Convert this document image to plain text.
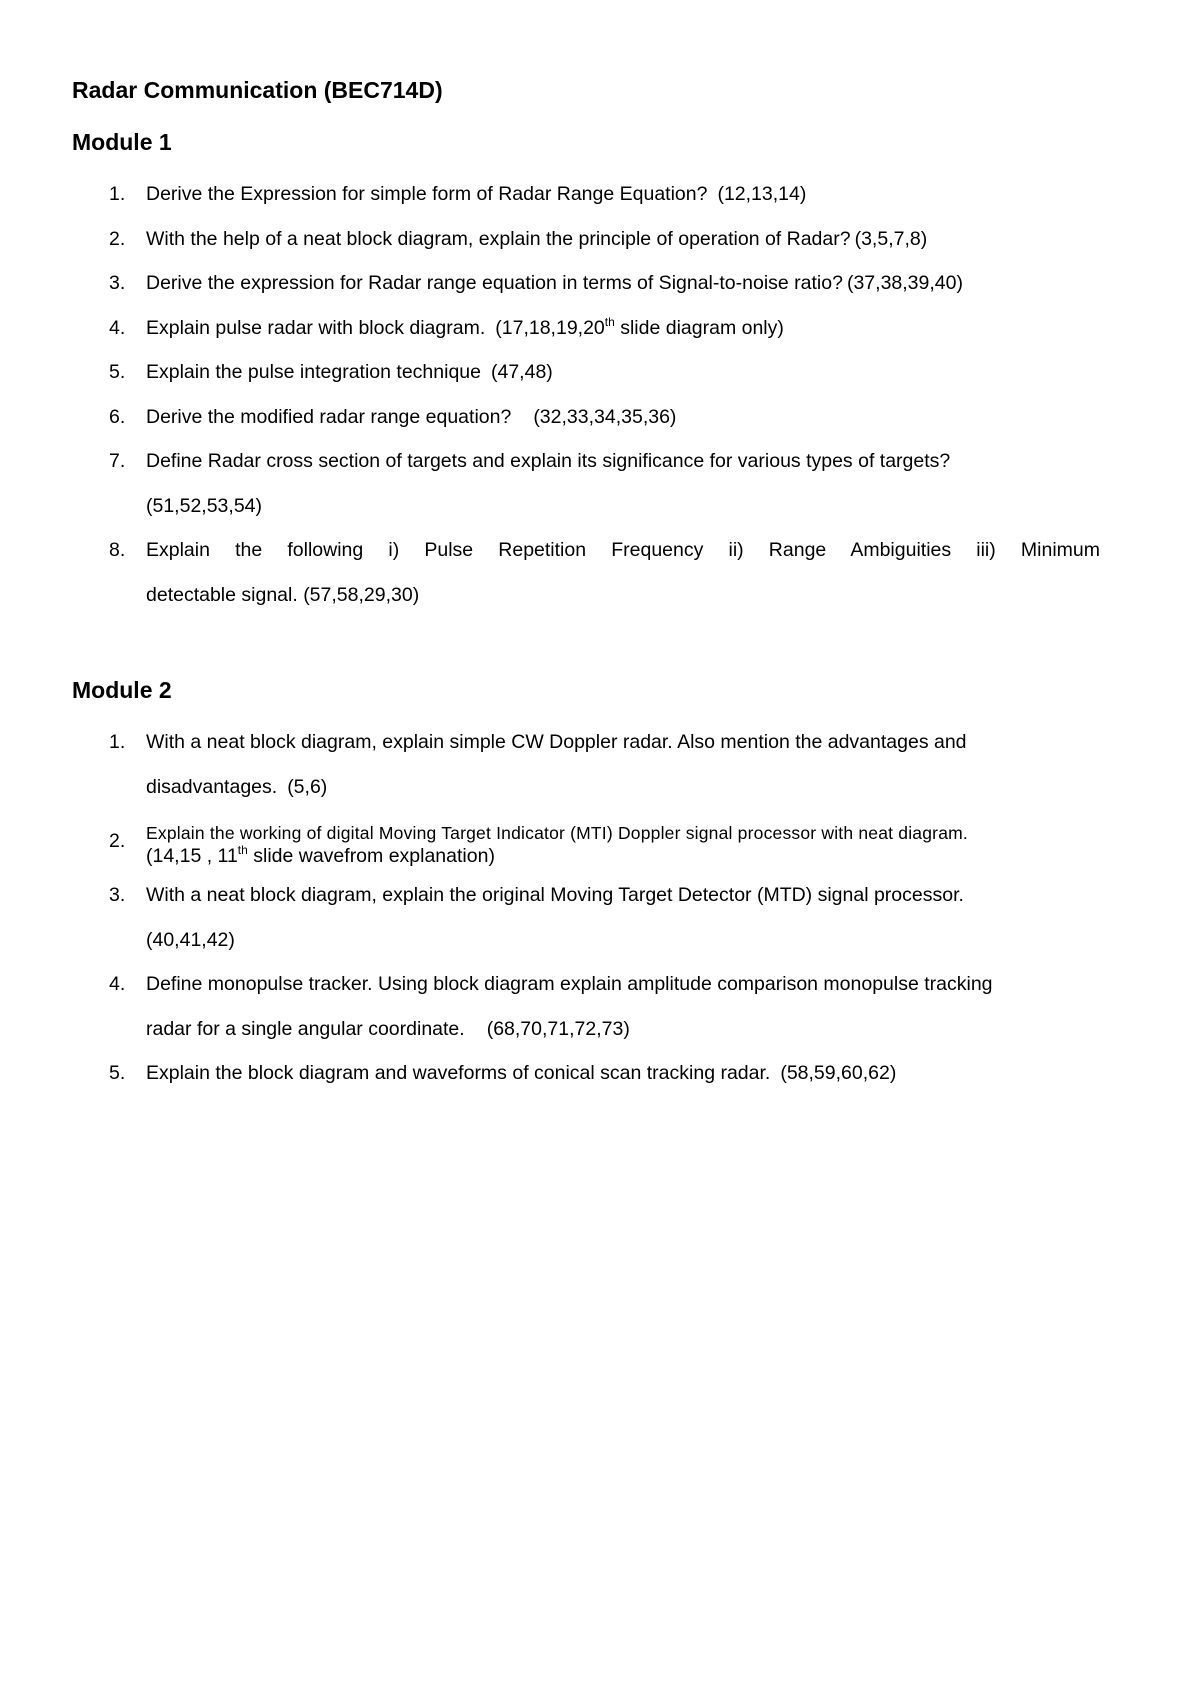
Radar Communication (BEC714D)
Module 1
1. Derive the Expression for simple form of Radar Range Equation? (12,13,14)
2. With the help of a neat block diagram, explain the principle of operation of Radar? (3,5,7,8)
3. Derive the expression for Radar range equation in terms of Signal-to-noise ratio? (37,38,39,40)
4. Explain pulse radar with block diagram. (17,18,19,20th slide diagram only)
5. Explain the pulse integration technique (47,48)
6. Derive the modified radar range equation? (32,33,34,35,36)
7. Define Radar cross section of targets and explain its significance for various types of targets?
(51,52,53,54)
8. Explain the following i) Pulse Repetition Frequency ii) Range Ambiguities iii) Minimum
detectable signal. (57,58,29,30)
Module 2
1. With a neat block diagram, explain simple CW Doppler radar. Also mention the advantages and
disadvantages. (5,6)
2. Explain the working of digital Moving Target Indicator (MTI) Doppler signal processor with neat diagram.
(14,15 , 11th slide wavefrom explanation)
3. With a neat block diagram, explain the original Moving Target Detector (MTD) signal processor.
(40,41,42)
4. Define monopulse tracker. Using block diagram explain amplitude comparison monopulse tracking
radar for a single angular coordinate. (68,70,71,72,73)
5. Explain the block diagram and waveforms of conical scan tracking radar. (58,59,60,62)
